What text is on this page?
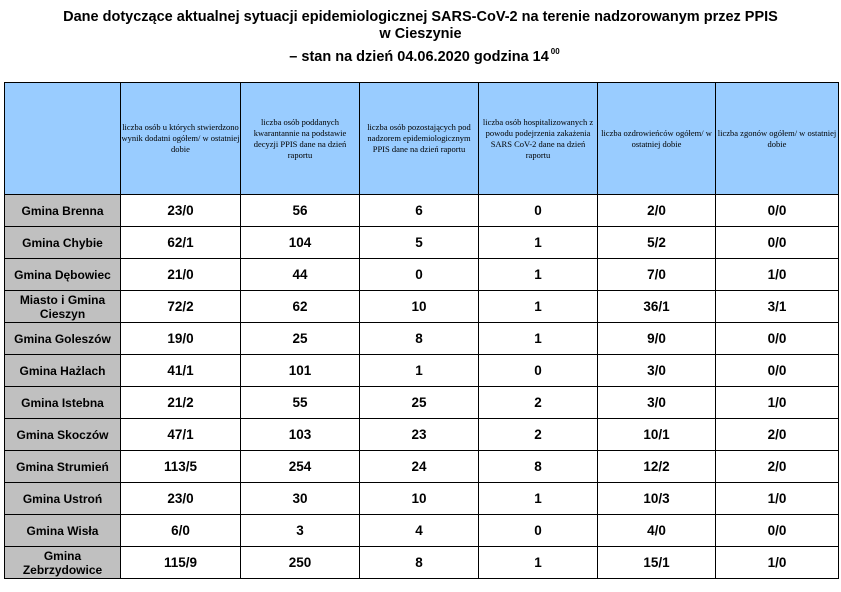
Dane dotyczące aktualnej sytuacji epidemiologicznej SARS-CoV-2 na terenie nadzorowanym przez PPIS
w Cieszynie
– stan na dzień 04.06.2020 godzina 14 $^{00}$
	liczba osób u których stwierdzono wynik dodatni ogółem/ w ostatniej dobie	liczba osób poddanych kwarantannie na podstawie decyzji PPIS dane na dzień raportu	liczba osób pozostających pod nadzorem epidemiologicznym PPIS dane na dzień raportu	liczba osób hospitalizowanych z powodu podejrzenia zakażenia SARS CoV-2 dane na dzień raportu	liczba ozdrowieńców ogółem/ w ostatniej dobie	liczba zgonów ogółem/ w ostatniej dobie
Gmina Brenna	23/0	56	6	0	2/0	0/0
Gmina Chybie	62/1	104	5	1	5/2	0/0
Gmina Dębowiec	21/0	44	0	1	7/0	1/0
Miasto i Gmina Cieszyn	72/2	62	10	1	36/1	3/1
Gmina Goleszów	19/0	25	8	1	9/0	0/0
Gmina Hażlach	41/1	101	1	0	3/0	0/0
Gmina Istebna	21/2	55	25	2	3/0	1/0
Gmina Skoczów	47/1	103	23	2	10/1	2/0
Gmina Strumień	113/5	254	24	8	12/2	2/0
Gmina Ustroń	23/0	30	10	1	10/3	1/0
Gmina Wisła	6/0	3	4	0	4/0	0/0
Gmina Zebrzydowice	115/9	250	8	1	15/1	1/0
